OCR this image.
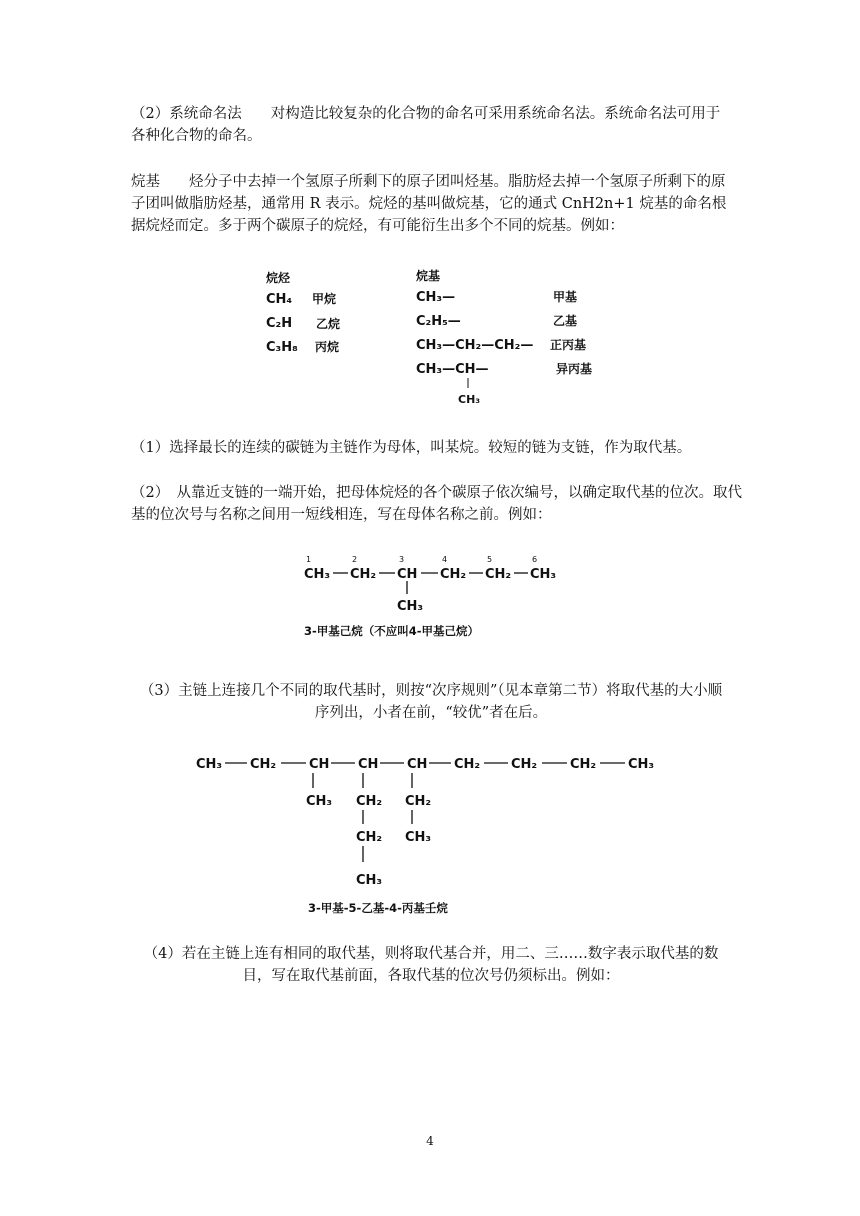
（2）系统命名法　　对构造比较复杂的化合物的命名可采用系统命名法。系统命名法可用于各种化合物的命名。
烷基　　烃分子中去掉一个氢原子所剩下的原子团叫烃基。脂肪烃去掉一个氢原子所剩下的原子团叫做脂肪烃基，通常用 R 表示。烷烃的基叫做烷基，它的通式 CnH2n+1 烷基的命名根据烷烃而定。多于两个碳原子的烷烃，有可能衍生出多个不同的烷基。例如：
烷烃	烷基
CH₄ 甲烷
C₂H 乙烷
C₃H₈ 丙烷
CH₃—	甲基
C₂H₅—	乙基
CH₃—CH₂—CH₂— 正丙基
CH₃—CH—	异丙基
CH₃
（1）选择最长的连续的碳链为主链作为母体，叫某烷。较短的链为支链，作为取代基。
（2）　从靠近支链的一端开始，把母体烷烃的各个碳原子依次编号，以确定取代基的位次。取代基的位次号与名称之间用一短线相连，写在母体名称之前。例如：
1	2	3	4	5	6
CH₃ CH₂ CH CH₂ CH₂ CH₃
CH₃
3-甲基己烷（不应叫4-甲基己烷）
（3）主链上连接几个不同的取代基时，则按“次序规则”（见本章第二节）将取代基的大小顺序列出，小者在前，“较优”者在后。
CH₃ CH₂	CH CH CH CH₂ CH₂	CH₂ CH₃
CH₃ CH₂
CH₂
CH₃
CH₂
CH₃
3-甲基-5-乙基-4-丙基壬烷
（4）若在主链上连有相同的取代基，则将取代基合并，用二、三……数字表示取代基的数目，写在取代基前面，各取代基的位次号仍须标出。例如：
4
